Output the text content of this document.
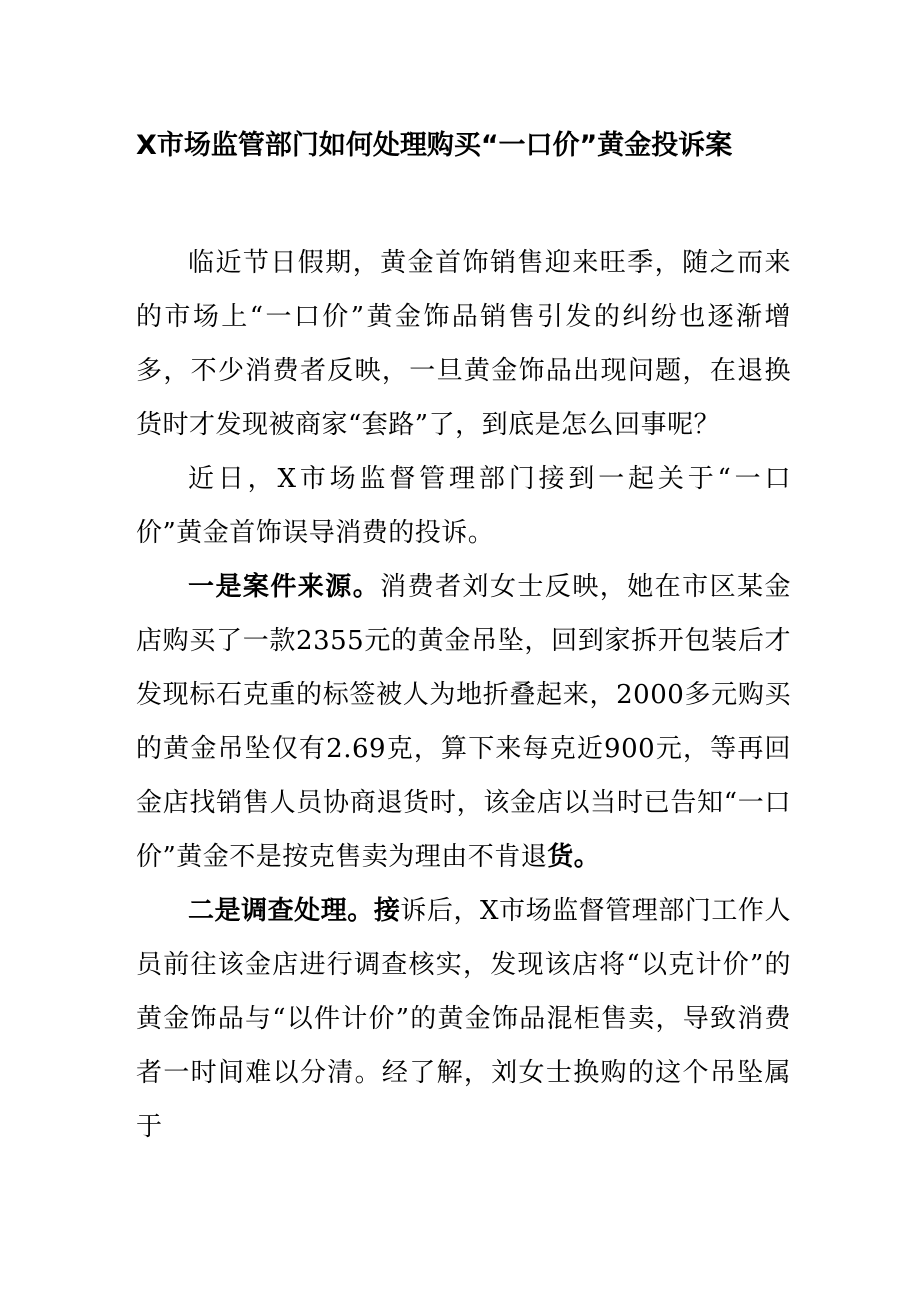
X市场监管部门如何处理购买“一口价”黄金投诉案

临近节日假期，黄金首饰销售迎来旺季，随之而来的市场上“一口价”黄金饰品销售引发的纠纷也逐渐增多，不少消费者反映，一旦黄金饰品出现问题，在退换货时才发现被商家“套路”了，到底是怎么回事呢？

近日，X市场监督管理部门接到一起关于“一口价”黄金首饰误导消费的投诉。

一是案件来源。消费者刘女士反映，她在市区某金店购买了一款2355元的黄金吊坠，回到家拆开包装后才发现标石克重的标签被人为地折叠起来，2000多元购买的黄金吊坠仅有2.69克，算下来每克近900元，等再回金店找销售人员协商退货时，该金店以当时已告知“一口价”黄金不是按克售卖为理由不肯退货。

二是调查处理。接诉后，X市场监督管理部门工作人员前往该金店进行调查核实，发现该店将“以克计价”的黄金饰品与“以件计价”的黄金饰品混柜售卖，导致消费者一时间难以分清。经了解，刘女士换购的这个吊坠属于
